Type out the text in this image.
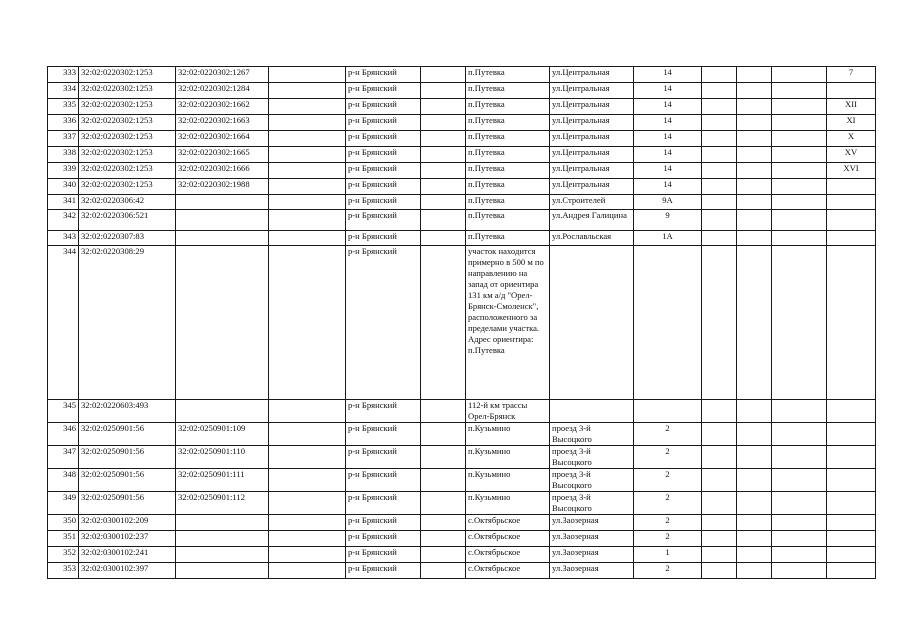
333	32:02:0220302:1253	32:02:0220302:1267		р-н Брянский		п.Путевка	ул.Центральная	14				7
334	32:02:0220302:1253	32:02:0220302:1284		р-н Брянский		п.Путевка	ул.Центральная	14				
335	32:02:0220302:1253	32:02:0220302:1662		р-н Брянский		п.Путевка	ул.Центральная	14				XII
336	32:02:0220302:1253	32:02:0220302:1663		р-н Брянский		п.Путевка	ул.Центральная	14				XI
337	32:02:0220302:1253	32:02:0220302:1664		р-н Брянский		п.Путевка	ул.Центральная	14				X
338	32:02:0220302:1253	32:02:0220302:1665		р-н Брянский		п.Путевка	ул.Центральная	14				XV
339	32:02:0220302:1253	32:02:0220302:1666		р-н Брянский		п.Путевка	ул.Центральная	14				XVI
340	32:02:0220302:1253	32:02:0220302:1988		р-н Брянский		п.Путевка	ул.Центральная	14				
341	32:02:0220306:42			р-н Брянский		п.Путевка	ул.Строителей	9А				
342	32:02:0220306:521			р-н Брянский		п.Путевка	ул.Андрея Галицина	9				
343	32:02:0220307:83			р-н Брянский		п.Путевка	ул.Рославльская	1А				
344	32:02:0220308:29			р-н Брянский		участок находится примерно в 500 м по направлению на запад от ориентира 131 км а/д "Орел-Брянск-Смоленск", расположенного за пределами участка. Адрес ориентира: п.Путевка						
345	32:02:0220603:493			р-н Брянский		112-й км трассы Орел-Брянск						
346	32:02:0250901:56	32:02:0250901:109		р-н Брянский		п.Кузьмино	проезд 3-й Высоцкого	2				
347	32:02:0250901:56	32:02:0250901:110		р-н Брянский		п.Кузьмино	проезд 3-й Высоцкого	2				
348	32:02:0250901:56	32:02:0250901:111		р-н Брянский		п.Кузьмино	проезд 3-й Высоцкого	2				
349	32:02:0250901:56	32:02:0250901:112		р-н Брянский		п.Кузьмино	проезд 3-й Высоцкого	2				
350	32:02:0300102:209			р-н Брянский		с.Октябрьское	ул.Заозерная	2				
351	32:02:0300102:237			р-н Брянский		с.Октябрьское	ул.Заозерная	2				
352	32:02:0300102:241			р-н Брянский		с.Октябрьское	ул.Заозерная	1				
353	32:02:0300102:397			р-н Брянский		с.Октябрьское	ул.Заозерная	2				
